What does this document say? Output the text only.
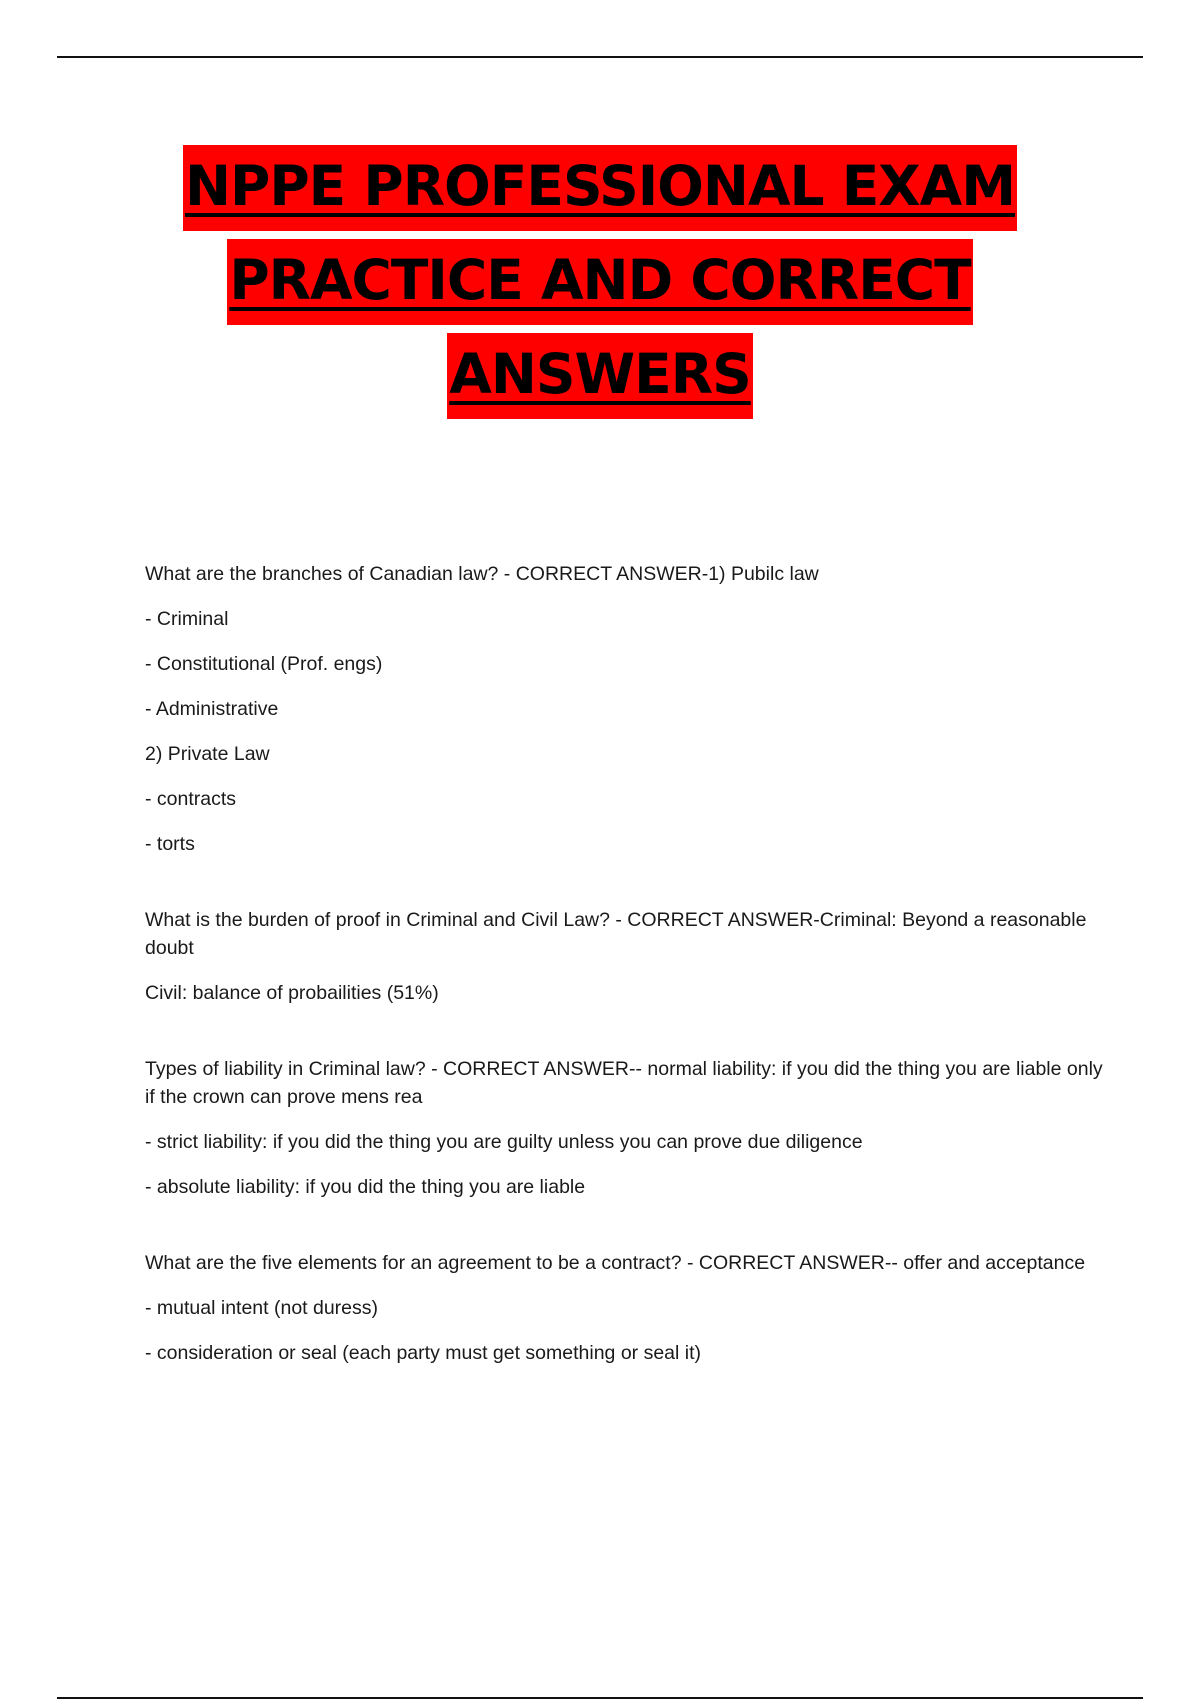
NPPE PROFESSIONAL EXAM
PRACTICE AND CORRECT
ANSWERS

What are the branches of Canadian law? - CORRECT ANSWER-1) Pubilc law

- Criminal

- Constitutional (Prof. engs)

- Administrative

2) Private Law

- contracts

- torts

What is the burden of proof in Criminal and Civil Law? - CORRECT ANSWER-Criminal: Beyond a reasonable doubt

Civil: balance of probailities (51%)

Types of liability in Criminal law? - CORRECT ANSWER-- normal liability: if you did the thing you are liable only if the crown can prove mens rea

- strict liability: if you did the thing you are guilty unless you can prove due diligence

- absolute liability: if you did the thing you are liable

What are the five elements for an agreement to be a contract? - CORRECT ANSWER-- offer and acceptance

- mutual intent (not duress)

- consideration or seal (each party must get something or seal it)
